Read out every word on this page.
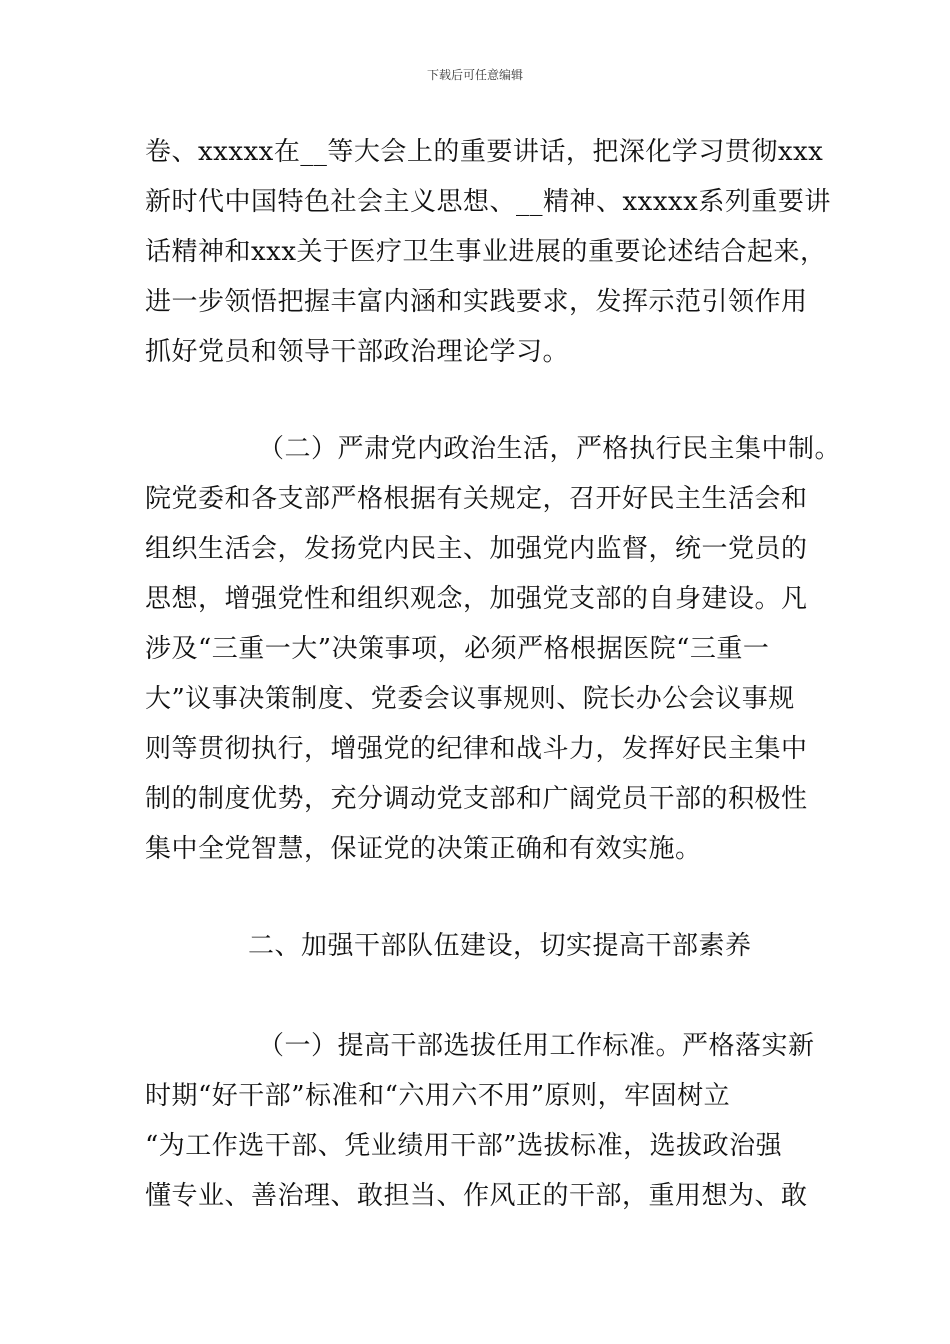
下载后可任意编辑
卷、xxxxx在__等大会上的重要讲话，把深化学习贯彻xxx
新时代中国特色社会主义思想、__精神、xxxxx系列重要讲
话精神和xxx关于医疗卫生事业进展的重要论述结合起来，
进一步领悟把握丰富内涵和实践要求，发挥示范引领作用
抓好党员和领导干部政治理论学习。
（二）严肃党内政治生活，严格执行民主集中制。
院党委和各支部严格根据有关规定，召开好民主生活会和
组织生活会，发扬党内民主、加强党内监督，统一党员的
思想，增强党性和组织观念，加强党支部的自身建设。凡
涉及“三重一大”决策事项，必须严格根据医院“三重一
大”议事决策制度、党委会议事规则、院长办公会议事规
则等贯彻执行，增强党的纪律和战斗力，发挥好民主集中
制的制度优势，充分调动党支部和广阔党员干部的积极性
集中全党智慧，保证党的决策正确和有效实施。
二、加强干部队伍建设，切实提高干部素养
（一）提高干部选拔任用工作标准。严格落实新
时期“好干部”标准和“六用六不用”原则，牢固树立
“为工作选干部、凭业绩用干部”选拔标准，选拔政治强
懂专业、善治理、敢担当、作风正的干部，重用想为、敢
